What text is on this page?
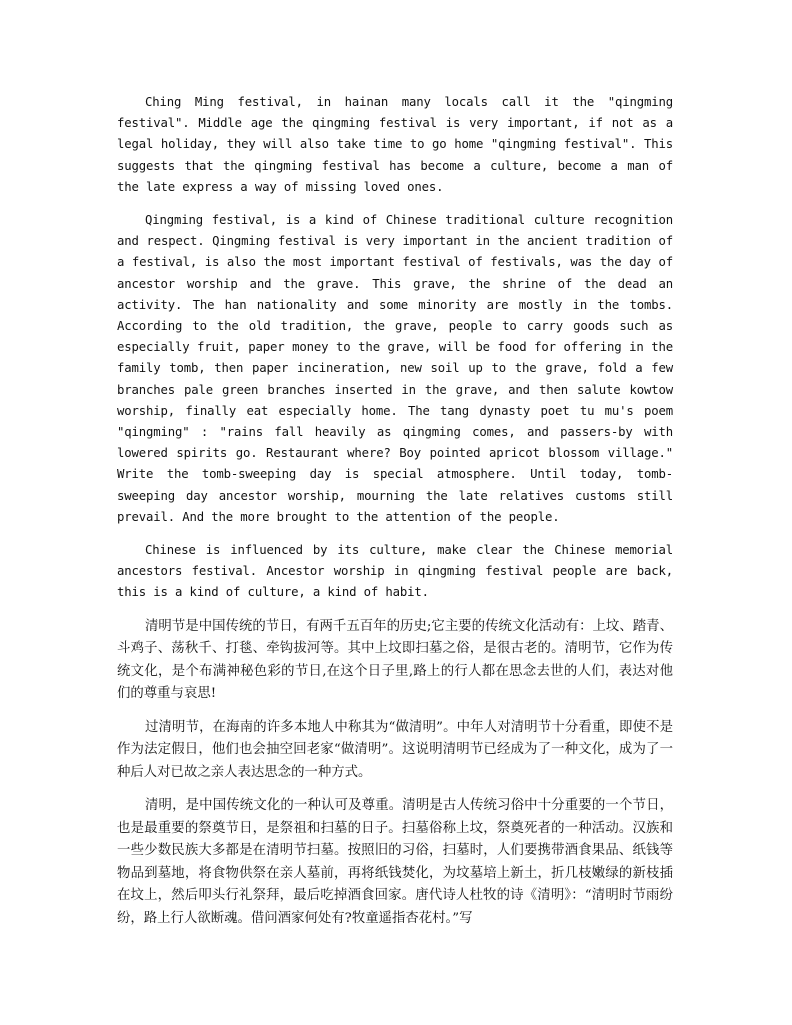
Ching Ming festival, in hainan many locals call it the "qingming festival". Middle age the qingming festival is very important, if not as a legal holiday, they will also take time to go home "qingming festival". This suggests that the qingming festival has become a culture, become a man of the late express a way of missing loved ones.

Qingming festival, is a kind of Chinese traditional culture recognition and respect. Qingming festival is very important in the ancient tradition of a festival, is also the most important festival of festivals, was the day of ancestor worship and the grave. This grave, the shrine of the dead an activity. The han nationality and some minority are mostly in the tombs. According to the old tradition, the grave, people to carry goods such as especially fruit, paper money to the grave, will be food for offering in the family tomb, then paper incineration, new soil up to the grave, fold a few branches pale green branches inserted in the grave, and then salute kowtow worship, finally eat especially home. The tang dynasty poet tu mu's poem "qingming" : "rains fall heavily as qingming comes, and passers-by with lowered spirits go. Restaurant where? Boy pointed apricot blossom village." Write the tomb-sweeping day is special atmosphere. Until today, tomb-sweeping day ancestor worship, mourning the late relatives customs still prevail. And the more brought to the attention of the people.

Chinese is influenced by its culture, make clear the Chinese memorial ancestors festival. Ancestor worship in qingming festival people are back, this is a kind of culture, a kind of habit.

清明节是中国传统的节日，有两千五百年的历史;它主要的传统文化活动有：上坟、踏青、斗鸡子、荡秋千、打毯、牵钩拔河等。其中上坟即扫墓之俗，是很古老的。清明节，它作为传统文化，是个布满神秘色彩的节日,在这个日子里,路上的行人都在思念去世的人们，表达对他们的尊重与哀思!

过清明节，在海南的许多本地人中称其为“做清明”。中年人对清明节十分看重，即使不是作为法定假日，他们也会抽空回老家“做清明”。这说明清明节已经成为了一种文化，成为了一种后人对已故之亲人表达思念的一种方式。

清明，是中国传统文化的一种认可及尊重。清明是古人传统习俗中十分重要的一个节日，也是最重要的祭奠节日，是祭祖和扫墓的日子。扫墓俗称上坟，祭奠死者的一种活动。汉族和一些少数民族大多都是在清明节扫墓。按照旧的习俗，扫墓时，人们要携带酒食果品、纸钱等物品到墓地，将食物供祭在亲人墓前，再将纸钱焚化，为坟墓培上新土，折几枝嫩绿的新枝插在坟上，然后叩头行礼祭拜，最后吃掉酒食回家。唐代诗人杜牧的诗《清明》：“清明时节雨纷纷，路上行人欲断魂。借问酒家何处有?牧童遥指杏花村。”写
